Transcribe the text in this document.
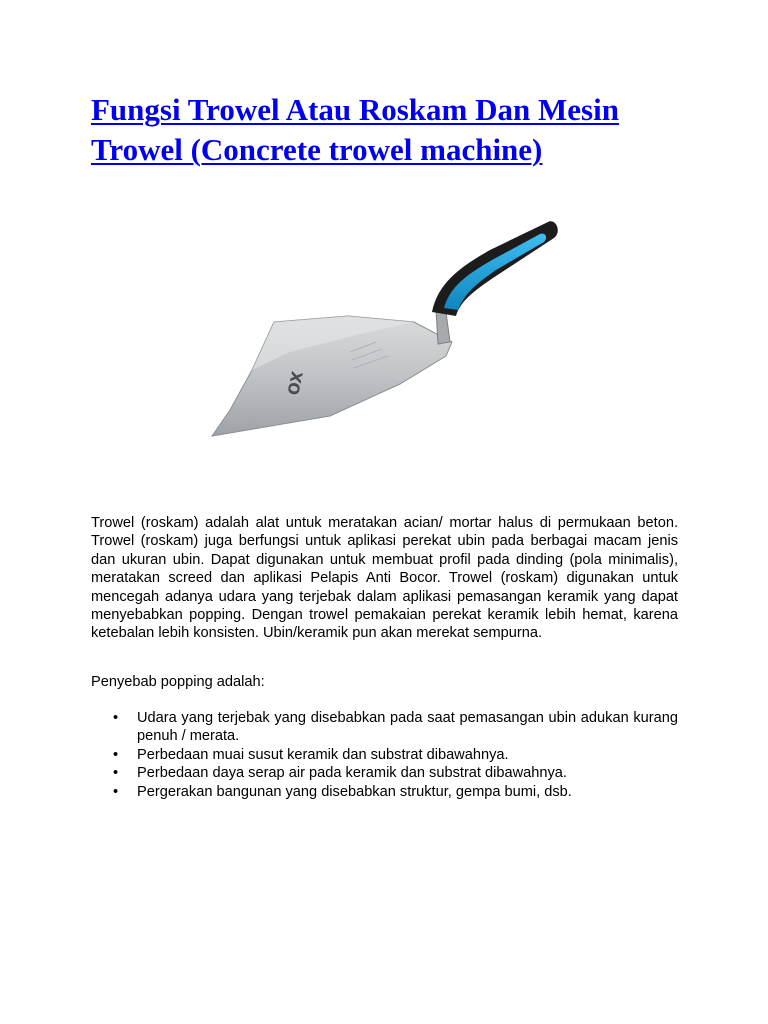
Fungsi Trowel Atau Roskam Dan Mesin Trowel (Concrete trowel machine)
OX

Trowel (roskam) adalah alat untuk meratakan acian/ mortar halus di permukaan beton. Trowel (roskam) juga berfungsi untuk aplikasi perekat ubin pada berbagai macam jenis dan ukuran ubin. Dapat digunakan untuk membuat profil pada dinding (pola minimalis), meratakan screed dan aplikasi Pelapis Anti Bocor. Trowel (roskam) digunakan untuk mencegah adanya udara yang terjebak dalam aplikasi pemasangan keramik yang dapat menyebabkan popping. Dengan trowel pemakaian perekat keramik lebih hemat, karena ketebalan lebih konsisten. Ubin/keramik pun akan merekat sempurna.

Penyebab popping adalah:

• Udara yang terjebak yang disebabkan pada saat pemasangan ubin adukan kurang penuh / merata.
• Perbedaan muai susut keramik dan substrat dibawahnya.
• Perbedaan daya serap air pada keramik dan substrat dibawahnya.
• Pergerakan bangunan yang disebabkan struktur, gempa bumi, dsb.
